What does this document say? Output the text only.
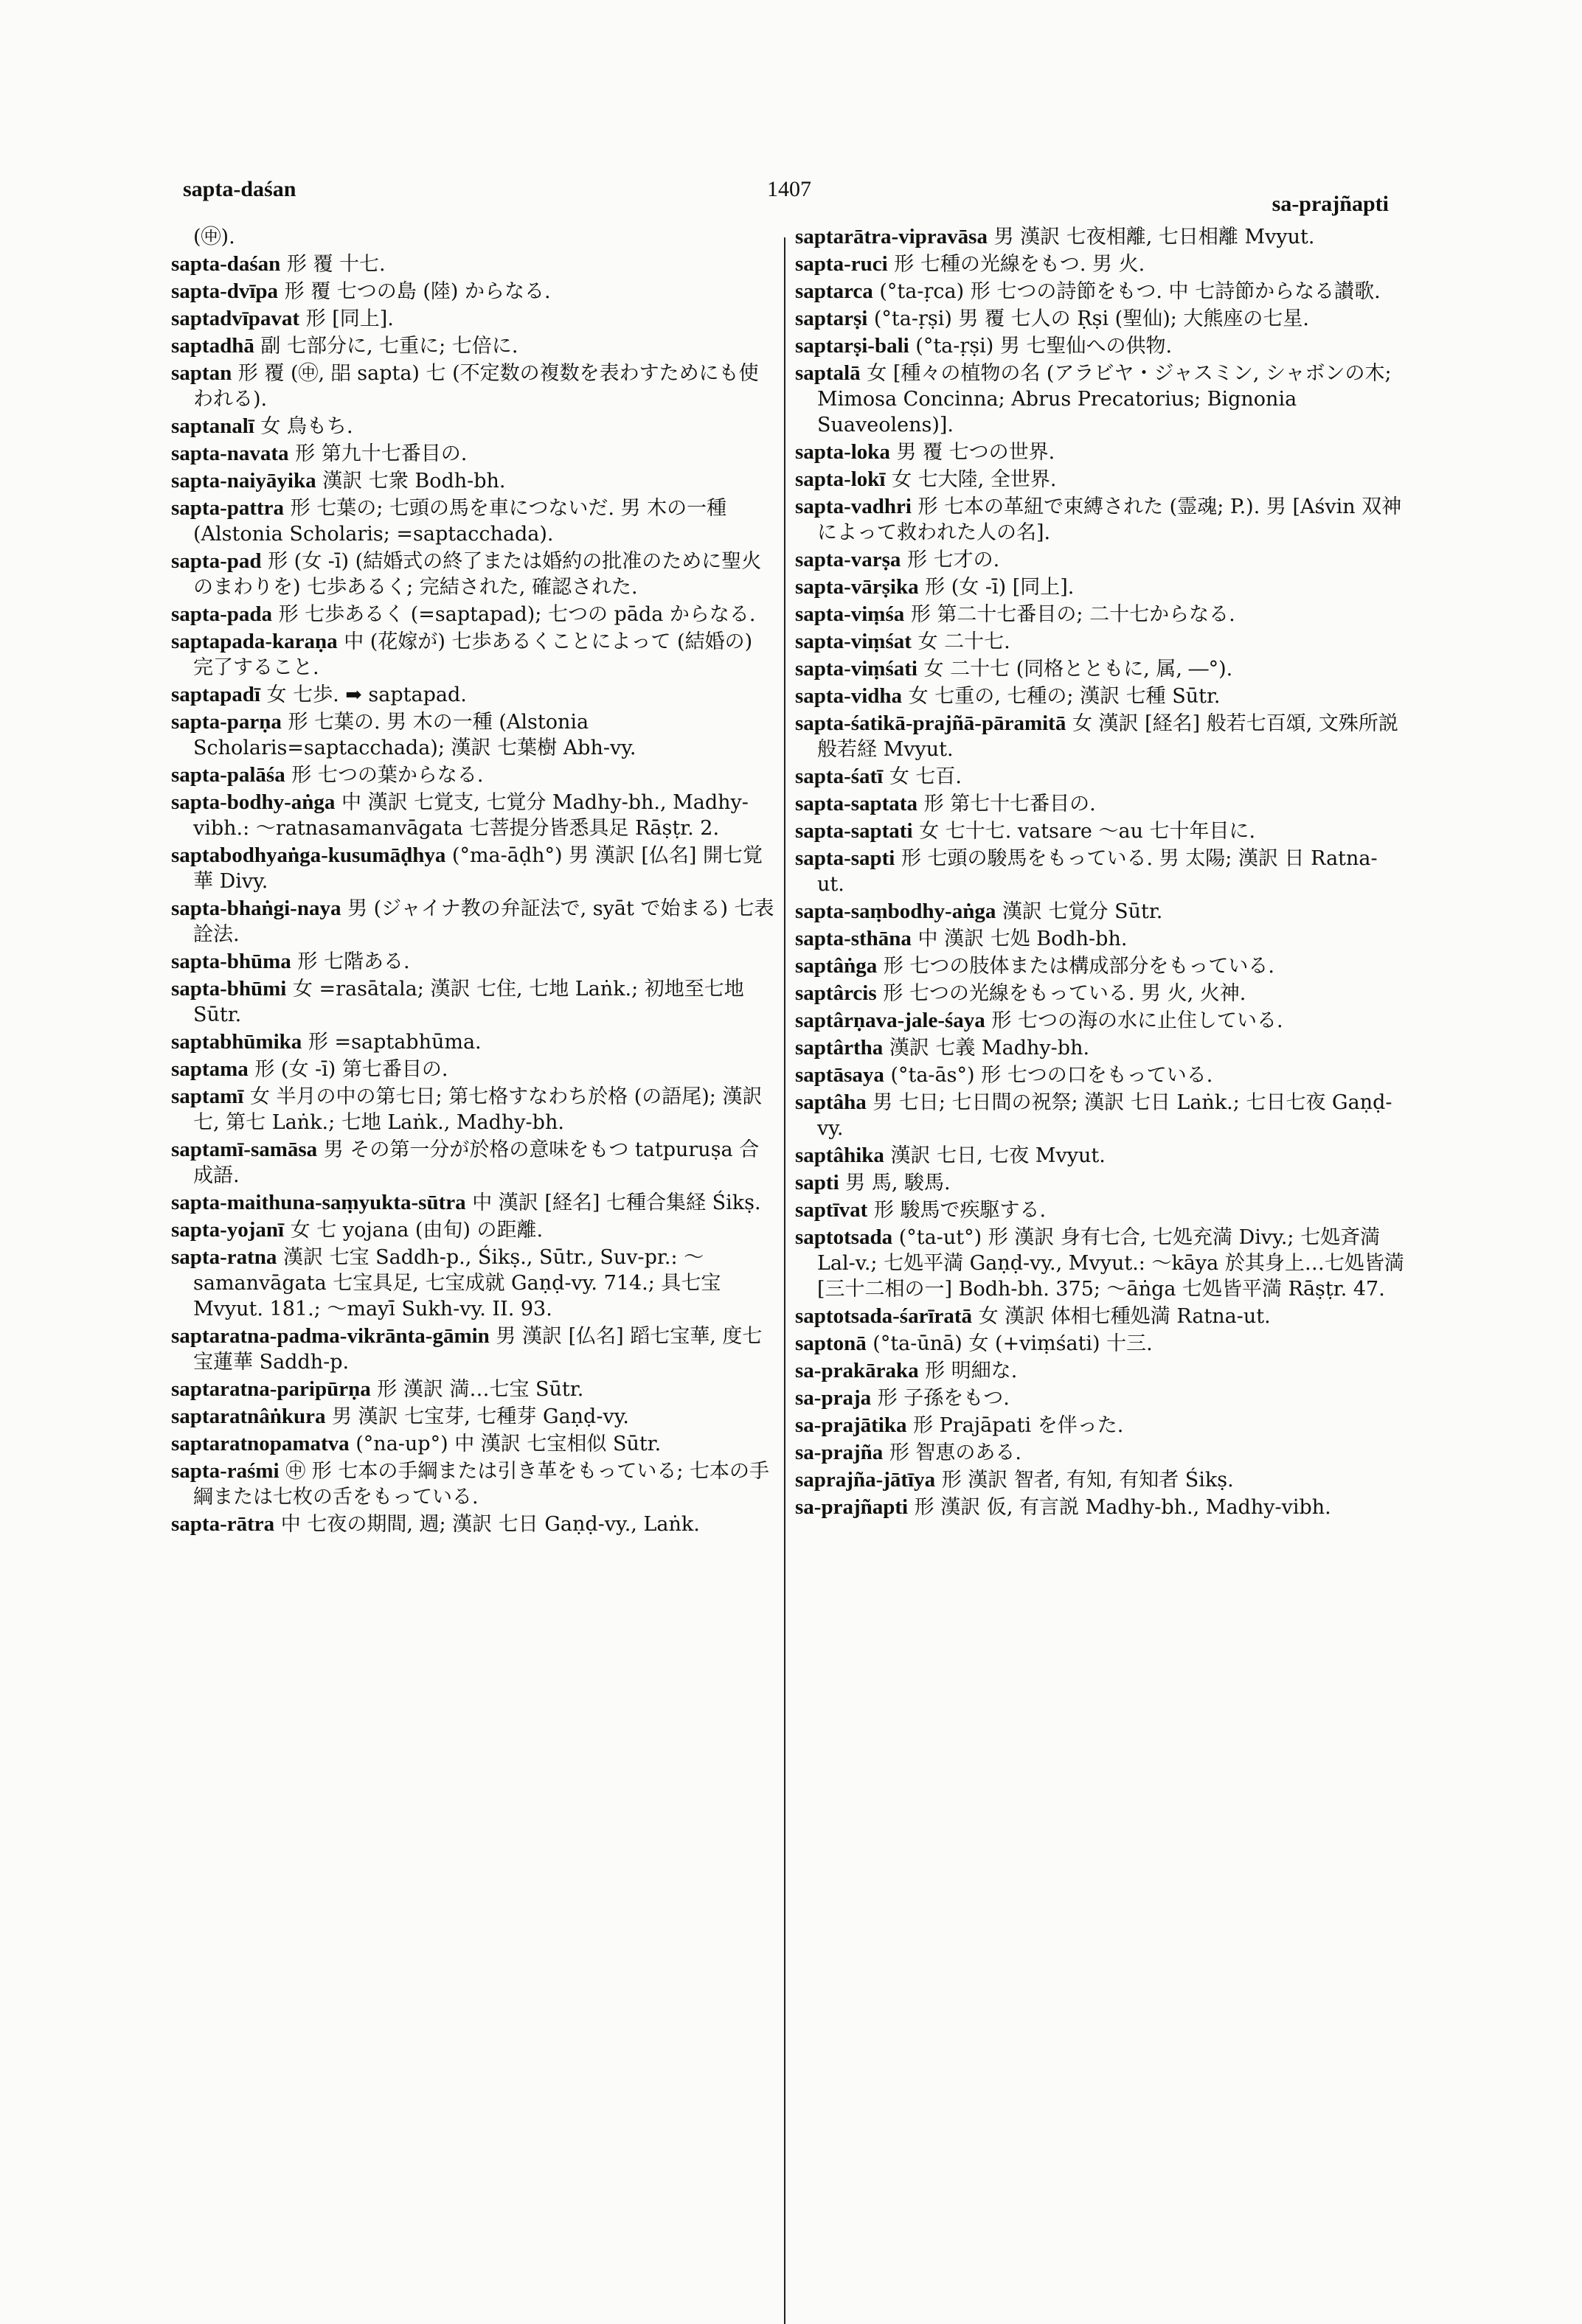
sapta-daśan	1407
sa-prajñapti

(㊥).

sapta-daśan 形 覆 十七.

sapta-dvīpa 形 覆 七つの島 (陸) からなる.

saptadvīpavat 形 [同上].

saptadhā 副 七部分に, 七重に; 七倍に.

saptan 形 覆 (㊥, 㗊 sapta) 七 (不定数の複数を表わすためにも使われる).

saptanalī 女 鳥もち.

sapta-navata 形 第九十七番目の.

sapta-naiyāyika 漢訳 七衆 Bodh-bh.

sapta-pattra 形 七葉の; 七頭の馬を車につないだ. 男 木の一種 (Alstonia Scholaris; =saptacchada).

sapta-pad 形 (女 -ī) (結婚式の終了または婚約の批准のために聖火のまわりを) 七歩あるく; 完結された, 確認された.

sapta-pada 形 七歩あるく (=saptapad); 七つの pāda からなる.

saptapada-karaṇa 中 (花嫁が) 七歩あるくことによって (結婚の) 完了すること.

saptapadī 女 七歩. ➡ saptapad.

sapta-parṇa 形 七葉の. 男 木の一種 (Alstonia Scholaris=saptacchada); 漢訳 七葉樹 Abh-vy.

sapta-palāśa 形 七つの葉からなる.

sapta-bodhy-aṅga 中 漢訳 七覚支, 七覚分 Madhy-bh., Madhy-vibh.: ～ratnasamanvāgata 七菩提分皆悉具足 Rāṣṭr. 2.

saptabodhyaṅga-kusumāḍhya (°ma-āḍh°) 男 漢訳 [仏名] 開七覚華 Divy.

sapta-bhaṅgi-naya 男 (ジャイナ教の弁証法で, syāt で始まる) 七表詮法.

sapta-bhūma 形 七階ある.

sapta-bhūmi 女 =rasātala; 漢訳 七住, 七地 Laṅk.; 初地至七地 Sūtr.

saptabhūmika 形 =saptabhūma.

saptama 形 (女 -ī) 第七番目の.

saptamī 女 半月の中の第七日; 第七格すなわち於格 (の語尾); 漢訳 七, 第七 Laṅk.; 七地 Laṅk., Madhy-bh.

saptamī-samāsa 男 その第一分が於格の意味をもつ tatpuruṣa 合成語.

sapta-maithuna-saṃyukta-sūtra 中 漢訳 [経名] 七種合集経 Śikṣ.

sapta-yojanī 女 七 yojana (由旬) の距離.

sapta-ratna 漢訳 七宝 Saddh-p., Śikṣ., Sūtr., Suv-pr.: ～samanvāgata 七宝具足, 七宝成就 Gaṇḍ-vy. 714.; 具七宝 Mvyut. 181.; ～mayī Sukh-vy. II. 93.

saptaratna-padma-vikrānta-gāmin 男 漢訳 [仏名] 蹈七宝華, 度七宝蓮華 Saddh-p.

saptaratna-paripūrṇa 形 漢訳 満…七宝 Sūtr.

saptaratnâṅkura 男 漢訳 七宝芽, 七種芽 Gaṇḍ-vy.

saptaratnopamatva (°na-up°) 中 漢訳 七宝相似 Sūtr.

sapta-raśmi ㊥ 形 七本の手綱または引き革をもっている; 七本の手綱または七枚の舌をもっている.

sapta-rātra 中 七夜の期間, 週; 漢訳 七日 Gaṇḍ-vy., Laṅk.

saptarātra-vipravāsa 男 漢訳 七夜相離, 七日相離 Mvyut.

sapta-ruci 形 七種の光線をもつ. 男 火.

saptarca (°ta-ṛca) 形 七つの詩節をもつ. 中 七詩節からなる讃歌.

saptarṣi (°ta-ṛṣi) 男 覆 七人の Ṛṣi (聖仙); 大熊座の七星.

saptarṣi-bali (°ta-ṛṣi) 男 七聖仙への供物.

saptalā 女 [種々の植物の名 (アラビヤ・ジャスミン, シャボンの木; Mimosa Concinna; Abrus Precatorius; Bignonia Suaveolens)].

sapta-loka 男 覆 七つの世界.

sapta-lokī 女 七大陸, 全世界.

sapta-vadhri 形 七本の革紐で束縛された (霊魂; P.). 男 [Aśvin 双神によって救われた人の名].

sapta-varṣa 形 七才の.

sapta-vārṣika 形 (女 -ī) [同上].

sapta-viṃśa 形 第二十七番目の; 二十七からなる.

sapta-viṃśat 女 二十七.

sapta-viṃśati 女 二十七 (同格とともに, 属, ―°).

sapta-vidha 女 七重の, 七種の; 漢訳 七種 Sūtr.

sapta-śatikā-prajñā-pāramitā 女 漢訳 [経名] 般若七百頌, 文殊所説般若経 Mvyut.

sapta-śatī 女 七百.

sapta-saptata 形 第七十七番目の.

sapta-saptati 女 七十七. vatsare ～au 七十年目に.

sapta-sapti 形 七頭の駿馬をもっている. 男 太陽; 漢訳 日 Ratna-ut.

sapta-saṃbodhy-aṅga 漢訳 七覚分 Sūtr.

sapta-sthāna 中 漢訳 七処 Bodh-bh.

saptâṅga 形 七つの肢体または構成部分をもっている.

saptârcis 形 七つの光線をもっている. 男 火, 火神.

saptârṇava-jale-śaya 形 七つの海の水に止住している.

saptârtha 漢訳 七義 Madhy-bh.

saptāsaya (°ta-ās°) 形 七つの口をもっている.

saptâha 男 七日; 七日間の祝祭; 漢訳 七日 Laṅk.; 七日七夜 Gaṇḍ-vy.

saptâhika 漢訳 七日, 七夜 Mvyut.

sapti 男 馬, 駿馬.

saptīvat 形 駿馬で疾駆する.

saptotsada (°ta-ut°) 形 漢訳 身有七合, 七処充満 Divy.; 七処斉満 Lal-v.; 七処平満 Gaṇḍ-vy., Mvyut.: ～kāya 於其身上…七処皆満 [三十二相の一] Bodh-bh. 375; ～āṅga 七処皆平満 Rāṣṭr. 47.

saptotsada-śarīratā 女 漢訳 体相七種処満 Ratna-ut.

saptonā (°ta-ūnā) 女 (+viṃśati) 十三.

sa-prakāraka 形 明細な.

sa-praja 形 子孫をもつ.

sa-prajātika 形 Prajāpati を伴った.

sa-prajña 形 智恵のある.

saprajña-jātīya 形 漢訳 智者, 有知, 有知者 Śikṣ.

sa-prajñapti 形 漢訳 仮, 有言説 Madhy-bh., Madhy-vibh.
